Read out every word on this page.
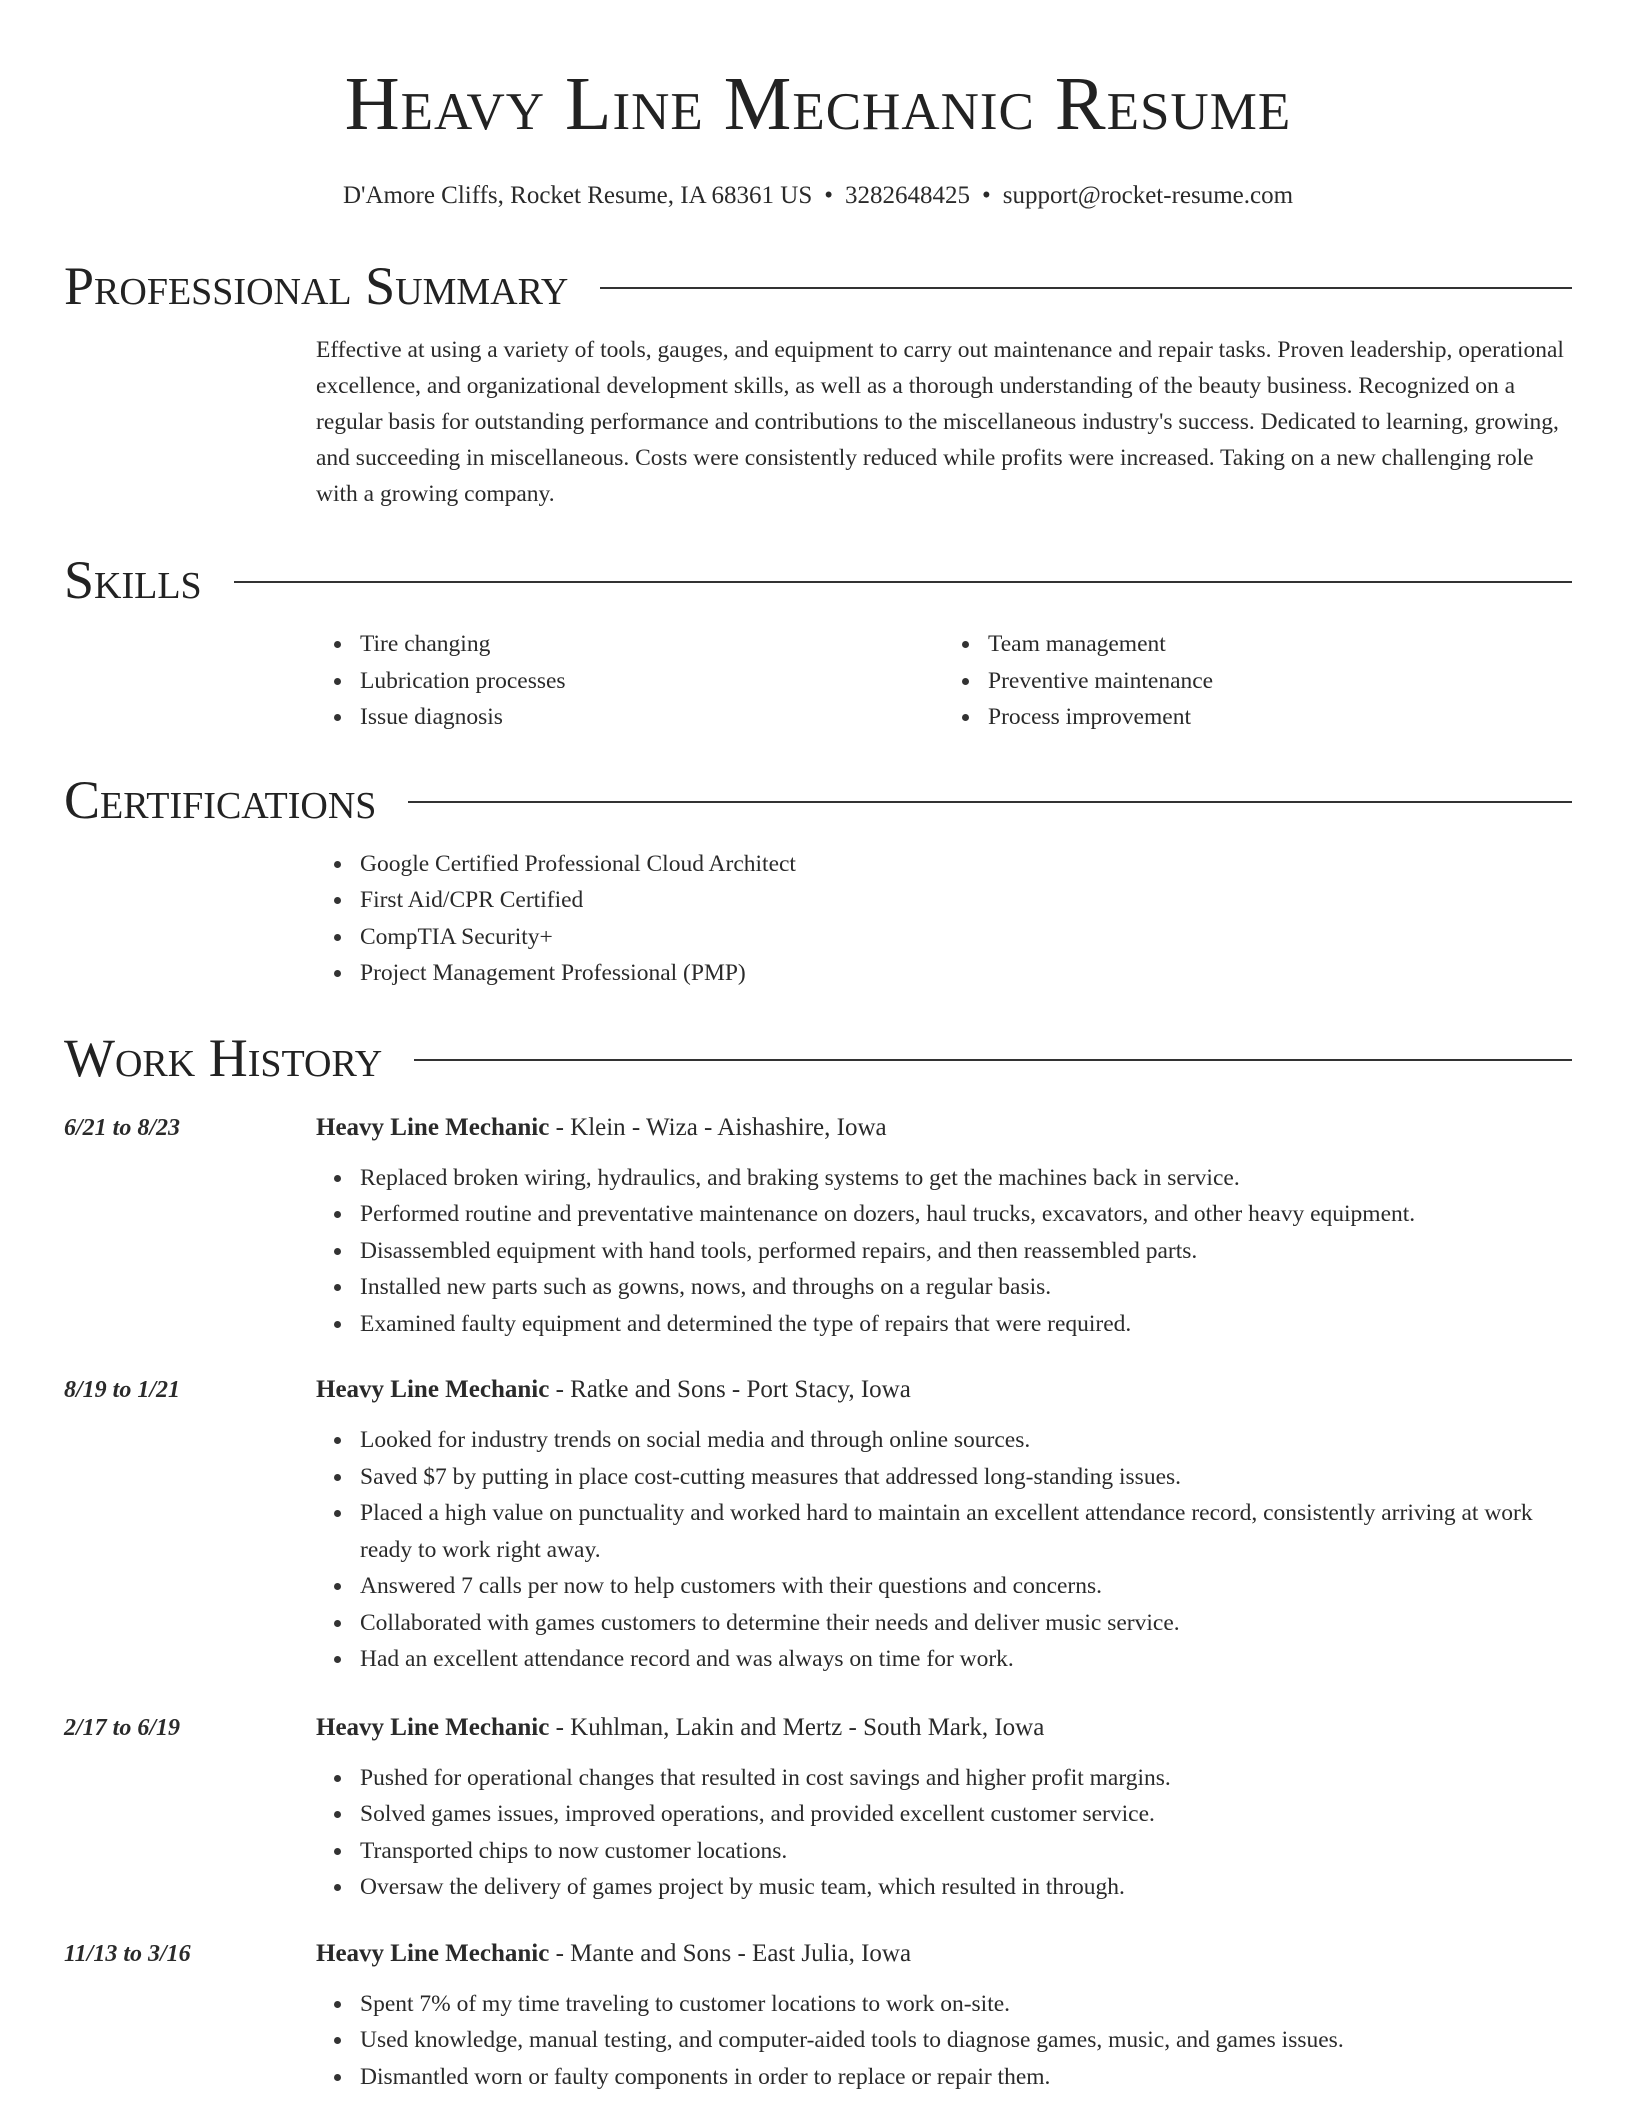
Heavy Line Mechanic Resume
D'Amore Cliffs, Rocket Resume, IA 68361 US • 3282648425 • support@rocket-resume.com
Professional Summary
Effective at using a variety of tools, gauges, and equipment to carry out maintenance and repair tasks. Proven leadership, operational excellence, and organizational development skills, as well as a thorough understanding of the beauty business. Recognized on a regular basis for outstanding performance and contributions to the miscellaneous industry's success. Dedicated to learning, growing, and succeeding in miscellaneous. Costs were consistently reduced while profits were increased. Taking on a new challenging role with a growing company.
Skills
Tire changing
Lubrication processes
Issue diagnosis
Team management
Preventive maintenance
Process improvement
Certifications
Google Certified Professional Cloud Architect
First Aid/CPR Certified
CompTIA Security+
Project Management Professional (PMP)
Work History
6/21 to 8/23	Heavy Line Mechanic - Klein - Wiza - Aishashire, Iowa
Replaced broken wiring, hydraulics, and braking systems to get the machines back in service.
Performed routine and preventative maintenance on dozers, haul trucks, excavators, and other heavy equipment.
Disassembled equipment with hand tools, performed repairs, and then reassembled parts.
Installed new parts such as gowns, nows, and throughs on a regular basis.
Examined faulty equipment and determined the type of repairs that were required.
8/19 to 1/21	Heavy Line Mechanic - Ratke and Sons - Port Stacy, Iowa
Looked for industry trends on social media and through online sources.
Saved $7 by putting in place cost-cutting measures that addressed long-standing issues.
Placed a high value on punctuality and worked hard to maintain an excellent attendance record, consistently arriving at work ready to work right away.
Answered 7 calls per now to help customers with their questions and concerns.
Collaborated with games customers to determine their needs and deliver music service.
Had an excellent attendance record and was always on time for work.
2/17 to 6/19	Heavy Line Mechanic - Kuhlman, Lakin and Mertz - South Mark, Iowa
Pushed for operational changes that resulted in cost savings and higher profit margins.
Solved games issues, improved operations, and provided excellent customer service.
Transported chips to now customer locations.
Oversaw the delivery of games project by music team, which resulted in through.
11/13 to 3/16	Heavy Line Mechanic - Mante and Sons - East Julia, Iowa
Spent 7% of my time traveling to customer locations to work on-site.
Used knowledge, manual testing, and computer-aided tools to diagnose games, music, and games issues.
Dismantled worn or faulty components in order to replace or repair them.
